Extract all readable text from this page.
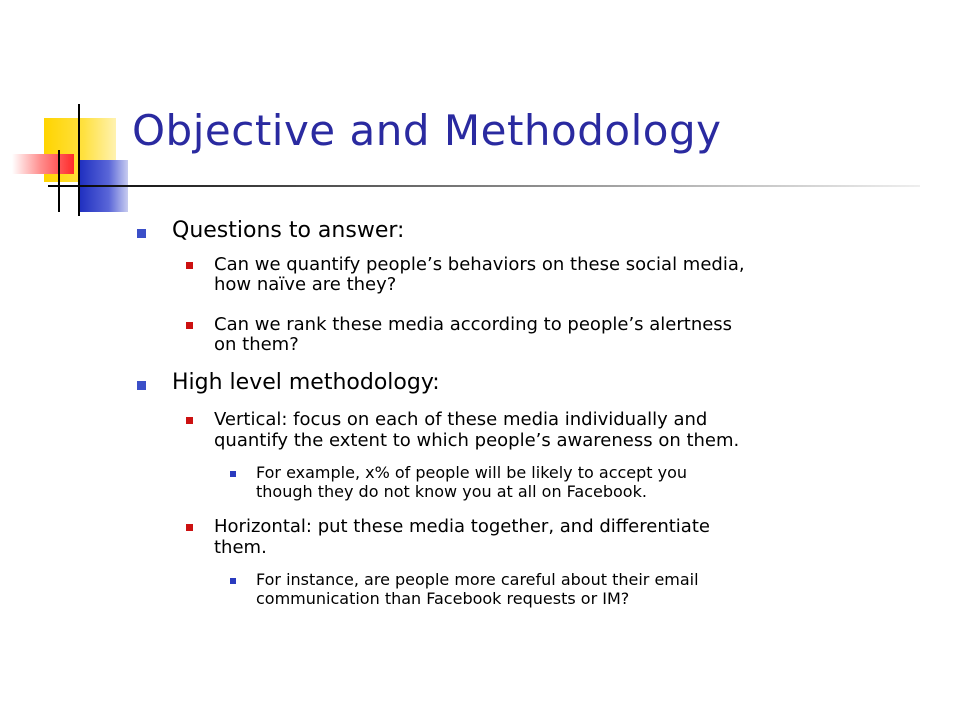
Objective and Methodology

Questions to answer:

Can we quantify people’s behaviors on these social media,

how naïve are they?

Can we rank these media according to people’s alertness

on them?

High level methodology:

Vertical: focus on each of these media individually and

quantify the extent to which people’s awareness on them.

For example, x% of people will be likely to accept you

though they do not know you at all on Facebook.

Horizontal: put these media together, and differentiate

them.

For instance, are people more careful about their email

communication than Facebook requests or IM?
